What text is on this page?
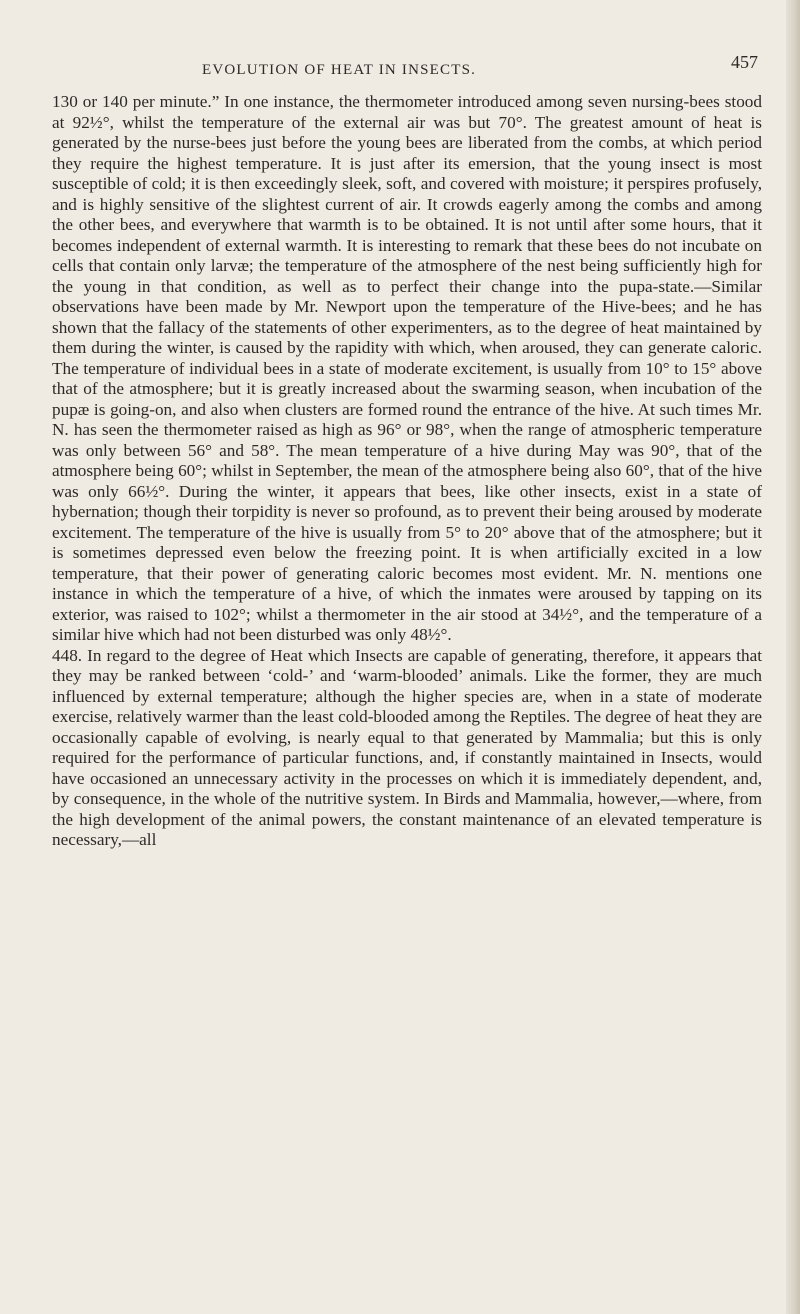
EVOLUTION OF HEAT IN INSECTS.	457

130 or 140 per minute.” In one instance, the thermometer introduced among seven nursing-bees stood at 92½°, whilst the temperature of the external air was but 70°. The greatest amount of heat is generated by the nurse-bees just before the young bees are liberated from the combs, at which period they require the highest temperature. It is just after its emersion, that the young insect is most susceptible of cold; it is then exceedingly sleek, soft, and covered with moisture; it perspires profusely, and is highly sensitive of the slightest current of air. It crowds eagerly among the combs and among the other bees, and everywhere that warmth is to be obtained. It is not until after some hours, that it becomes independent of external warmth. It is interesting to remark that these bees do not incubate on cells that contain only larvæ; the temperature of the atmosphere of the nest being sufficiently high for the young in that condition, as well as to perfect their change into the pupa-state.—Similar observations have been made by Mr. Newport upon the temperature of the Hive-bees; and he has shown that the fallacy of the statements of other experimenters, as to the degree of heat maintained by them during the winter, is caused by the rapidity with which, when aroused, they can generate caloric. The temperature of individual bees in a state of moderate excitement, is usually from 10° to 15° above that of the atmosphere; but it is greatly increased about the swarming season, when incubation of the pupæ is going-on, and also when clusters are formed round the entrance of the hive. At such times Mr. N. has seen the thermometer raised as high as 96° or 98°, when the range of atmospheric temperature was only between 56° and 58°. The mean temperature of a hive during May was 90°, that of the atmosphere being 60°; whilst in September, the mean of the atmosphere being also 60°, that of the hive was only 66½°. During the winter, it appears that bees, like other insects, exist in a state of hybernation; though their torpidity is never so profound, as to prevent their being aroused by moderate excitement. The temperature of the hive is usually from 5° to 20° above that of the atmosphere; but it is sometimes depressed even below the freezing point. It is when artificially excited in a low temperature, that their power of generating caloric becomes most evident. Mr. N. mentions one instance in which the temperature of a hive, of which the inmates were aroused by tapping on its exterior, was raised to 102°; whilst a thermometer in the air stood at 34½°, and the temperature of a similar hive which had not been disturbed was only 48½°.

448. In regard to the degree of Heat which Insects are capable of generating, therefore, it appears that they may be ranked between ‘cold-’ and ‘warm-blooded’ animals. Like the former, they are much influenced by external temperature; although the higher species are, when in a state of moderate exercise, relatively warmer than the least cold-blooded among the Reptiles. The degree of heat they are occasionally capable of evolving, is nearly equal to that generated by Mammalia; but this is only required for the performance of particular functions, and, if constantly maintained in Insects, would have occasioned an unnecessary activity in the processes on which it is immediately dependent, and, by consequence, in the whole of the nutritive system. In Birds and Mammalia, however,—where, from the high development of the animal powers, the constant maintenance of an elevated temperature is necessary,—all
